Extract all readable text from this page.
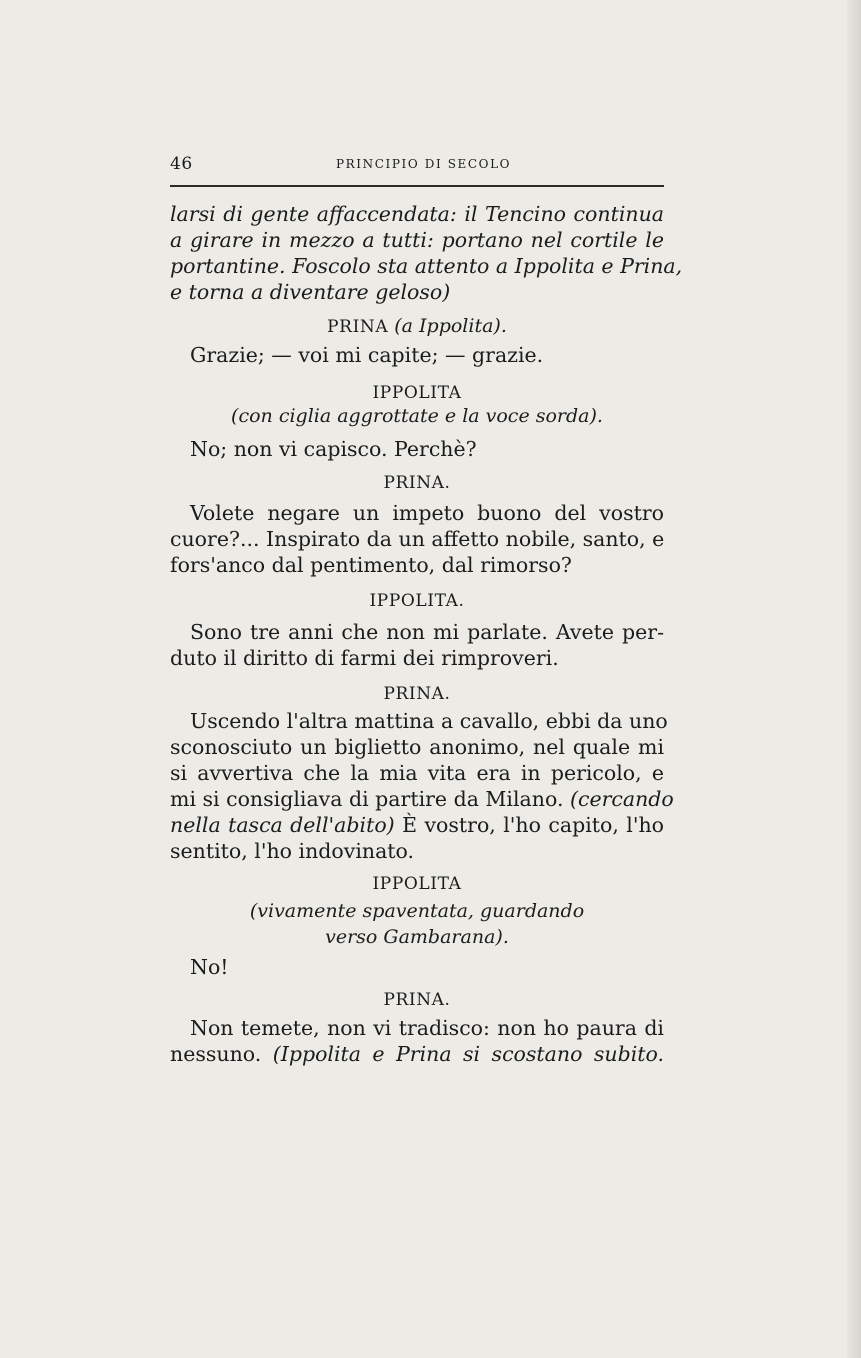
46	PRINCIPIO DI SECOLO
larsi di gente affaccendata: il Tencino continua
a girare in mezzo a tutti: portano nel cortile le
portantine. Foscolo sta attento a Ippolita e Prina,
e torna a diventare geloso)
PRINA (a Ippolita).
Grazie; — voi mi capite; — grazie.
IPPOLITA
(con ciglia aggrottate e la voce sorda).
No; non vi capisco. Perchè?
PRINA.
Volete negare un impeto buono del vostro
cuore?... Inspirato da un affetto nobile, santo, e
fors'anco dal pentimento, dal rimorso?
IPPOLITA.
Sono tre anni che non mi parlate. Avete per-
duto il diritto di farmi dei rimproveri.
PRINA.
Uscendo l'altra mattina a cavallo, ebbi da uno
sconosciuto un biglietto anonimo, nel quale mi
si avvertiva che la mia vita era in pericolo, e
mi si consigliava di partire da Milano. (cercando
nella tasca dell'abito) È vostro, l'ho capito, l'ho
sentito, l'ho indovinato.
IPPOLITA
(vivamente spaventata, guardando
verso Gambarana).
No!
PRINA.
Non temete, non vi tradisco: non ho paura di
nessuno. (Ippolita e Prina si scostano subito.
